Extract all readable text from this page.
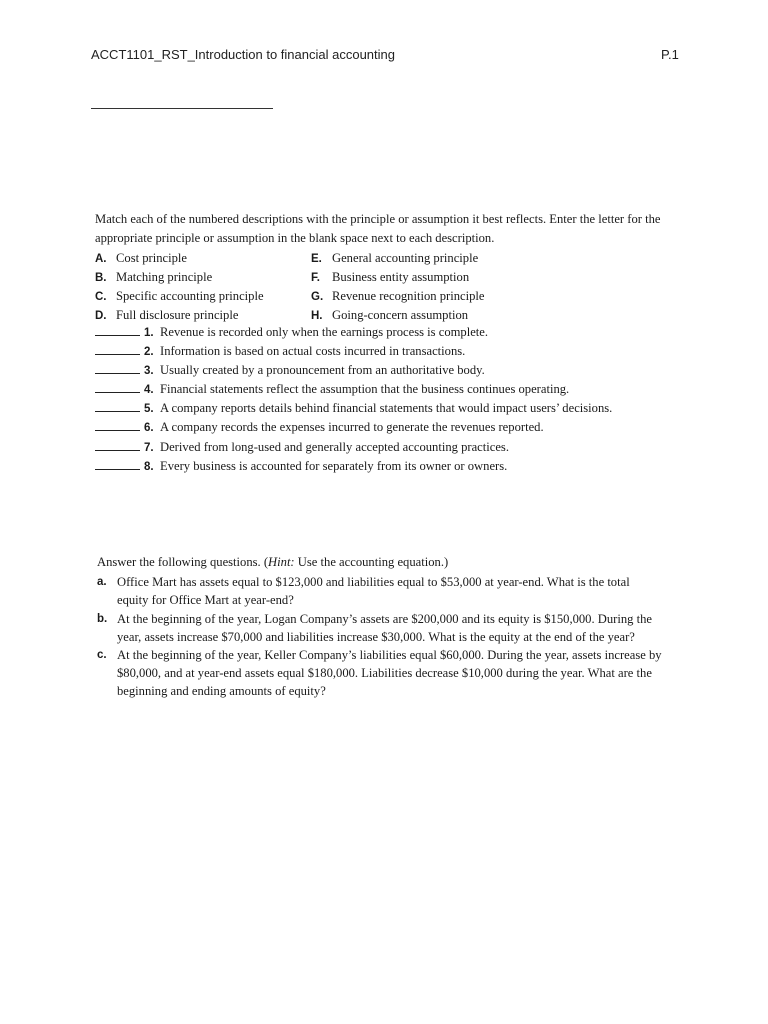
ACCT1101_RST_Introduction to financial accounting	P.1
Match each of the numbered descriptions with the principle or assumption it best reflects. Enter the letter for the appropriate principle or assumption in the blank space next to each description.
A. Cost principle
B. Matching principle
C. Specific accounting principle
D. Full disclosure principle
E. General accounting principle
F. Business entity assumption
G. Revenue recognition principle
H. Going-concern assumption
1. Revenue is recorded only when the earnings process is complete.
2. Information is based on actual costs incurred in transactions.
3. Usually created by a pronouncement from an authoritative body.
4. Financial statements reflect the assumption that the business continues operating.
5. A company reports details behind financial statements that would impact users’ decisions.
6. A company records the expenses incurred to generate the revenues reported.
7. Derived from long-used and generally accepted accounting practices.
8. Every business is accounted for separately from its owner or owners.
Answer the following questions. (Hint: Use the accounting equation.)
a. Office Mart has assets equal to $123,000 and liabilities equal to $53,000 at year-end. What is the total equity for Office Mart at year-end?
b. At the beginning of the year, Logan Company’s assets are $200,000 and its equity is $150,000. During the year, assets increase $70,000 and liabilities increase $30,000. What is the equity at the end of the year?
c. At the beginning of the year, Keller Company’s liabilities equal $60,000. During the year, assets increase by $80,000, and at year-end assets equal $180,000. Liabilities decrease $10,000 during the year. What are the beginning and ending amounts of equity?
